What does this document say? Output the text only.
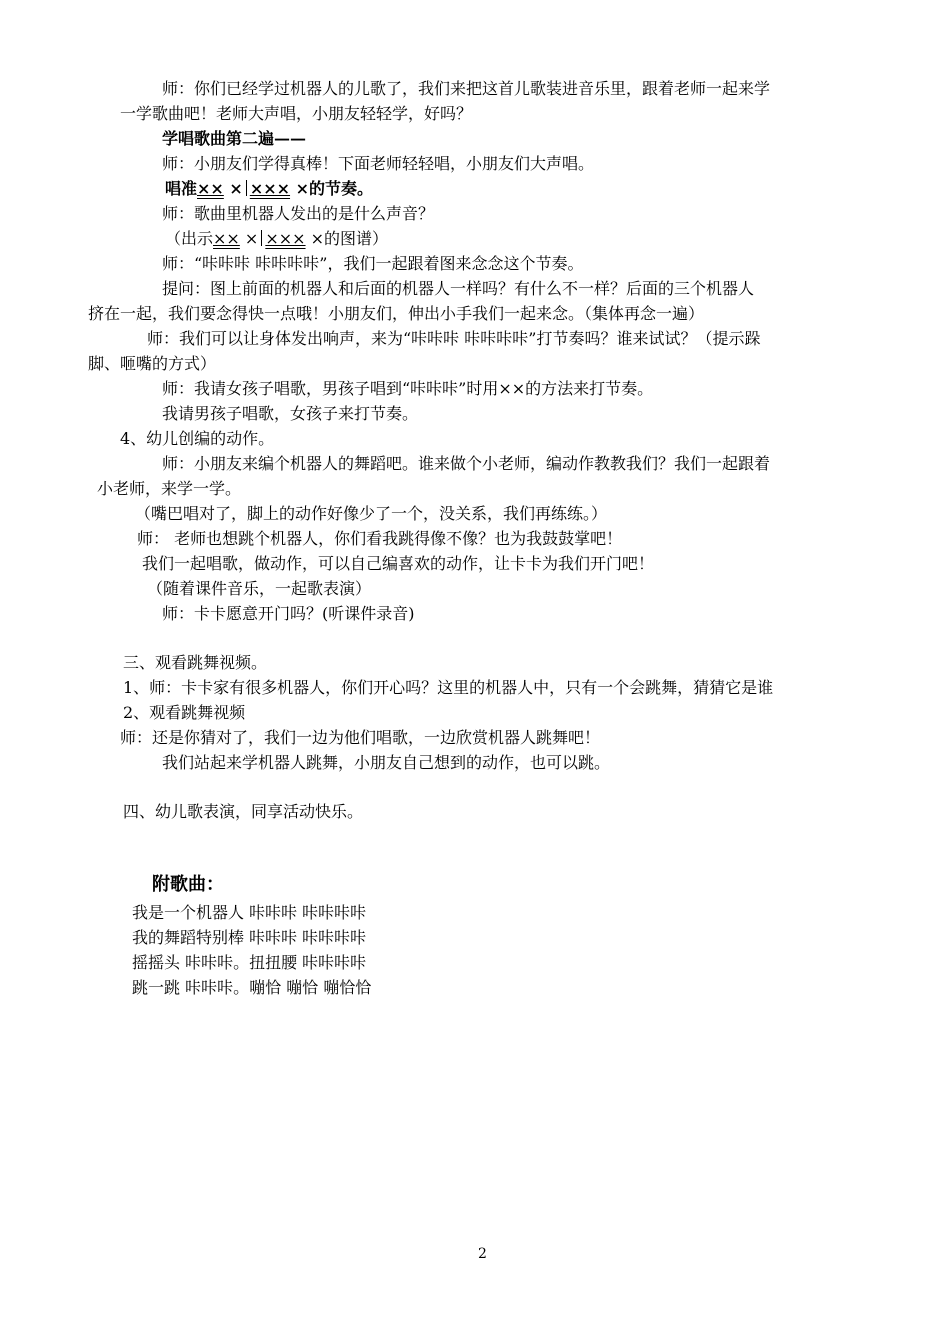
师：你们已经学过机器人的儿歌了，我们来把这首儿歌装进音乐里，跟着老师一起来学
一学歌曲吧！老师大声唱，小朋友轻轻学，好吗？
学唱歌曲第二遍——
师：小朋友们学得真棒！下面老师轻轻唱，小朋友们大声唱。
唱准×× × ××× ×的节奏。
师：歌曲里机器人发出的是什么声音？
（出示×× × ××× ×的图谱）
师：“咔咔咔 咔咔咔咔”，我们一起跟着图来念念这个节奏。
提问：图上前面的机器人和后面的机器人一样吗？有什么不一样？后面的三个机器人
挤在一起，我们要念得快一点哦！小朋友们，伸出小手我们一起来念。（集体再念一遍）
师：我们可以让身体发出响声，来为“咔咔咔 咔咔咔咔”打节奏吗？谁来试试？（提示跺
脚、咂嘴的方式）
师：我请女孩子唱歌，男孩子唱到“咔咔咔”时用××的方法来打节奏。
我请男孩子唱歌，女孩子来打节奏。
4、幼儿创编的动作。
师：小朋友来编个机器人的舞蹈吧。谁来做个小老师，编动作教教我们？我们一起跟着
小老师，来学一学。
（嘴巴唱对了，脚上的动作好像少了一个，没关系，我们再练练。）
师： 老师也想跳个机器人，你们看我跳得像不像？也为我鼓鼓掌吧！
我们一起唱歌，做动作，可以自己编喜欢的动作，让卡卡为我们开门吧！
（随着课件音乐，一起歌表演）
师：卡卡愿意开门吗？(听课件录音)
三、观看跳舞视频。
1、师：卡卡家有很多机器人，你们开心吗？这里的机器人中，只有一个会跳舞，猜猜它是谁
2、观看跳舞视频
师：还是你猜对了，我们一边为他们唱歌，一边欣赏机器人跳舞吧！
我们站起来学机器人跳舞，小朋友自己想到的动作，也可以跳。
四、幼儿歌表演，同享活动快乐。
附歌曲：
我是一个机器人 咔咔咔 咔咔咔咔
我的舞蹈特别棒 咔咔咔 咔咔咔咔
摇摇头 咔咔咔。扭扭腰 咔咔咔咔
跳一跳 咔咔咔。嘣恰 嘣恰 嘣恰恰
2
